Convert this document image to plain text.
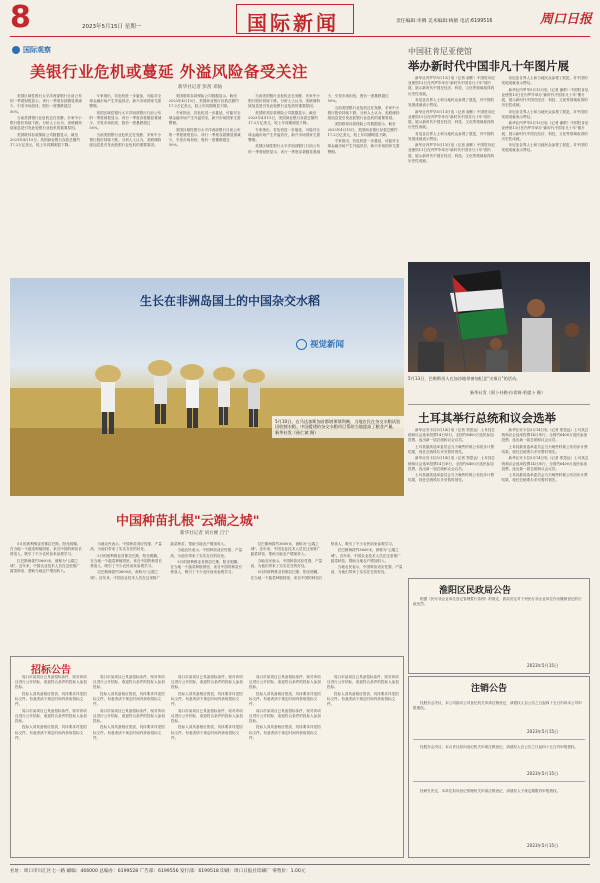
8	2023年5月15日 星期一	国际新闻	责任编辑:李腾 美术编辑:梅鹤 电话:6199516	周口日报
国际观察
美银行业危机或蔓延 外溢风险备受关注
新华社记者 彭茜 邓仙

美国区域性银行太平洋西部银行日前公布的一季度财报显示，该行一季度存款额显著减少，引发市场担忧，股价一度暴跌超过50%。

当前美国银行业危机还在发酵，多家中小银行股价持续下跌。分析人士认为，美联储持续加息是引发此轮银行业危机的重要原因。

美国联邦存款保险公司数据显示，截至2023年4月15日，美国商业银行存款总额约17.2万亿美元，较上年同期明显下降。

专家指出，若危机进一步蔓延，可能对全球金融市场产生外溢效应，新兴市场国家尤需警惕。

美国区域性银行太平洋西部银行日前公布的一季度财报显示，该行一季度存款额显著减少，引发市场担忧，股价一度暴跌超过50%。

当前美国银行业危机还在发酵，多家中小银行股价持续下跌。分析人士认为，美联储持续加息是引发此轮银行业危机的重要原因。

美国联邦存款保险公司数据显示，截至2023年4月15日，美国商业银行存款总额约17.2万亿美元，较上年同期明显下降。

专家指出，若危机进一步蔓延，可能对全球金融市场产生外溢效应，新兴市场国家尤需警惕。

美国区域性银行太平洋西部银行日前公布的一季度财报显示，该行一季度存款额显著减少，引发市场担忧，股价一度暴跌超过50%。

当前美国银行业危机还在发酵，多家中小银行股价持续下跌。分析人士认为，美联储持续加息是引发此轮银行业危机的重要原因。

美国联邦存款保险公司数据显示，截至2023年4月15日，美国商业银行存款总额约17.2万亿美元，较上年同期明显下降。

专家指出，若危机进一步蔓延，可能对全球金融市场产生外溢效应，新兴市场国家尤需警惕。

美国区域性银行太平洋西部银行日前公布的一季度财报显示，该行一季度存款额显著减少，引发市场担忧，股价一度暴跌超过50%。

当前美国银行业危机还在发酵，多家中小银行股价持续下跌。分析人士认为，美联储持续加息是引发此轮银行业危机的重要原因。

美国联邦存款保险公司数据显示，截至2023年4月15日，美国商业银行存款总额约17.2万亿美元，较上年同期明显下降。

专家指出，若危机进一步蔓延，可能对全球金融市场产生外溢效应，新兴市场国家尤需警惕。

中国驻肯尼亚使馆
举办新时代中国非凡十年图片展

新华社内罗毕5月13日电（记者 谢彬）中国驻肯尼亚使馆13日在内罗毕举办"新时代中国非凡十年"图片展，展示新时代中国在经济、科技、文化等领域取得的历史性成就。

肯尼亚各界人士和当地民众参观了展览，对中国的发展成就表示赞叹。

新华社内罗毕5月13日电（记者 谢彬）中国驻肯尼亚使馆13日在内罗毕举办"新时代中国非凡十年"图片展，展示新时代中国在经济、科技、文化等领域取得的历史性成就。

肯尼亚各界人士和当地民众参观了展览，对中国的发展成就表示赞叹。

新华社内罗毕5月13日电（记者 谢彬）中国驻肯尼亚使馆13日在内罗毕举办"新时代中国非凡十年"图片展，展示新时代中国在经济、科技、文化等领域取得的历史性成就。

肯尼亚各界人士和当地民众参观了展览，对中国的发展成就表示赞叹。

新华社内罗毕5月13日电（记者 谢彬）中国驻肯尼亚使馆13日在内罗毕举办"新时代中国非凡十年"图片展，展示新时代中国在经济、科技、文化等领域取得的历史性成就。

肯尼亚各界人士和当地民众参观了展览，对中国的发展成就表示赞叹。

新华社内罗毕5月13日电（记者 谢彬）中国驻肯尼亚使馆13日在内罗毕举办"新时代中国非凡十年"图片展，展示新时代中国在经济、科技、文化等领域取得的历史性成就。

肯尼亚各界人士和当地民众参观了展览，对中国的发展成就表示赞叹。

5月13日，巴勒斯坦人在加沙地带参加纪念"灾难日"的活动。
新华社发（阿卜杜勒·拉希姆·哈提卜 摄）
生长在非洲岛国土的中国杂交水稻
视觉新闻
5月10日，在马达加斯加首都塔那那利佛，当地农民在杂交水稻试验田收割水稻。中国援建的杂交水稻项目帮助当地提高了粮食产量。
新华社发（孙仁斌 摄）
土耳其举行总统和议会选举

新华社安卡拉5月14日电（记者 郑思远）土耳其总统和议会选举投票14日举行，全国约6400万选民参加投票，选出新一届总统和议会议员。

土耳其最高选举委员会当天晚些时候公布初步计票结果，现任总统埃尔多安暂时领先。

新华社安卡拉5月14日电（记者 郑思远）土耳其总统和议会选举投票14日举行，全国约6400万选民参加投票，选出新一届总统和议会议员。

土耳其最高选举委员会当天晚些时候公布初步计票结果，现任总统埃尔多安暂时领先。

新华社安卡拉5月14日电（记者 郑思远）土耳其总统和议会选举投票14日举行，全国约6400万选民参加投票，选出新一届总统和议会议员。

土耳其最高选举委员会当天晚些时候公布初步计票结果，现任总统埃尔多安暂时领先。

新华社安卡拉5月14日电（记者 郑思远）土耳其总统和议会选举投票14日举行，全国约6400万选民参加投票，选出新一届总统和议会议员。

土耳其最高选举委员会当天晚些时候公布初步计票结果，现任总统埃尔多安暂时领先。

中国种苗扎根"云端之城"
新华社记者 刘方刚 吕宁

5月的玻利维亚首都拉巴斯，阳光明媚。在当地一个蔬菜种植园里，来自中国的种苗长势喜人，吸引了不少农民前来参观学习。

拉巴斯海拔约3600米，被称为"云端之城"。近年来，中国农业技术人员在这里推广蔬菜种苗，帮助当地农户增加收入。

当地农民表示，中国种苗适应性强、产量高，为他们带来了实实在在的好处。

5月的玻利维亚首都拉巴斯，阳光明媚。在当地一个蔬菜种植园里，来自中国的种苗长势喜人，吸引了不少农民前来参观学习。

拉巴斯海拔约3600米，被称为"云端之城"。近年来，中国农业技术人员在这里推广蔬菜种苗，帮助当地农户增加收入。

当地农民表示，中国种苗适应性强、产量高，为他们带来了实实在在的好处。

5月的玻利维亚首都拉巴斯，阳光明媚。在当地一个蔬菜种植园里，来自中国的种苗长势喜人，吸引了不少农民前来参观学习。

拉巴斯海拔约3600米，被称为"云端之城"。近年来，中国农业技术人员在这里推广蔬菜种苗，帮助当地农户增加收入。

当地农民表示，中国种苗适应性强、产量高，为他们带来了实实在在的好处。

5月的玻利维亚首都拉巴斯，阳光明媚。在当地一个蔬菜种植园里，来自中国的种苗长势喜人，吸引了不少农民前来参观学习。

拉巴斯海拔约3600米，被称为"云端之城"。近年来，中国农业技术人员在这里推广蔬菜种苗，帮助当地农户增加收入。

当地农民表示，中国种苗适应性强、产量高，为他们带来了实实在在的好处。

招标公告

周口市某项目已具备招标条件，现对该项目进行公开招标，欢迎符合条件的投标人参加投标。

投标人须具备相应资质，具体要求详见招标文件。有意者请于规定时间内获取招标文件。

周口市某项目已具备招标条件，现对该项目进行公开招标，欢迎符合条件的投标人参加投标。

投标人须具备相应资质，具体要求详见招标文件。有意者请于规定时间内获取招标文件。

周口市某项目已具备招标条件，现对该项目进行公开招标，欢迎符合条件的投标人参加投标。

投标人须具备相应资质，具体要求详见招标文件。有意者请于规定时间内获取招标文件。

周口市某项目已具备招标条件，现对该项目进行公开招标，欢迎符合条件的投标人参加投标。

投标人须具备相应资质，具体要求详见招标文件。有意者请于规定时间内获取招标文件。

周口市某项目已具备招标条件，现对该项目进行公开招标，欢迎符合条件的投标人参加投标。

投标人须具备相应资质，具体要求详见招标文件。有意者请于规定时间内获取招标文件。

周口市某项目已具备招标条件，现对该项目进行公开招标，欢迎符合条件的投标人参加投标。

投标人须具备相应资质，具体要求详见招标文件。有意者请于规定时间内获取招标文件。

周口市某项目已具备招标条件，现对该项目进行公开招标，欢迎符合条件的投标人参加投标。

投标人须具备相应资质，具体要求详见招标文件。有意者请于规定时间内获取招标文件。

周口市某项目已具备招标条件，现对该项目进行公开招标，欢迎符合条件的投标人参加投标。

投标人须具备相应资质，具体要求详见招标文件。有意者请于规定时间内获取招标文件。

周口市某项目已具备招标条件，现对该项目进行公开招标，欢迎符合条件的投标人参加投标。

投标人须具备相应资质，具体要求详见招标文件。有意者请于规定时间内获取招标文件。

淮阳区民政局公告
根据《民办非企业单位登记管理暂行条例》的规定，我局决定对下列民办非企业单位作出撤销登记的行政处罚。
2023年5月15日
注销公告
经股东会决议，本公司拟向公司登记机关申请注销登记，请债权人自公告之日起四十五日内向本公司申报债权。
2023年5月15日
经股东会决议，本合作社拟向登记机关申请注销登记，请债权人自公告之日起四十五日内申报债权。
2023年5月15日
经研究决定，本单位拟向登记管理机关申请注销登记，请债权人于规定期限内申报债权。
2023年5月15日
社址：周口市川汇区七一路 邮编：466000 总编办：6199528 广告部：6199556 发行部：6199518 印刷：周口日报社印刷厂 零售价：1.00元
